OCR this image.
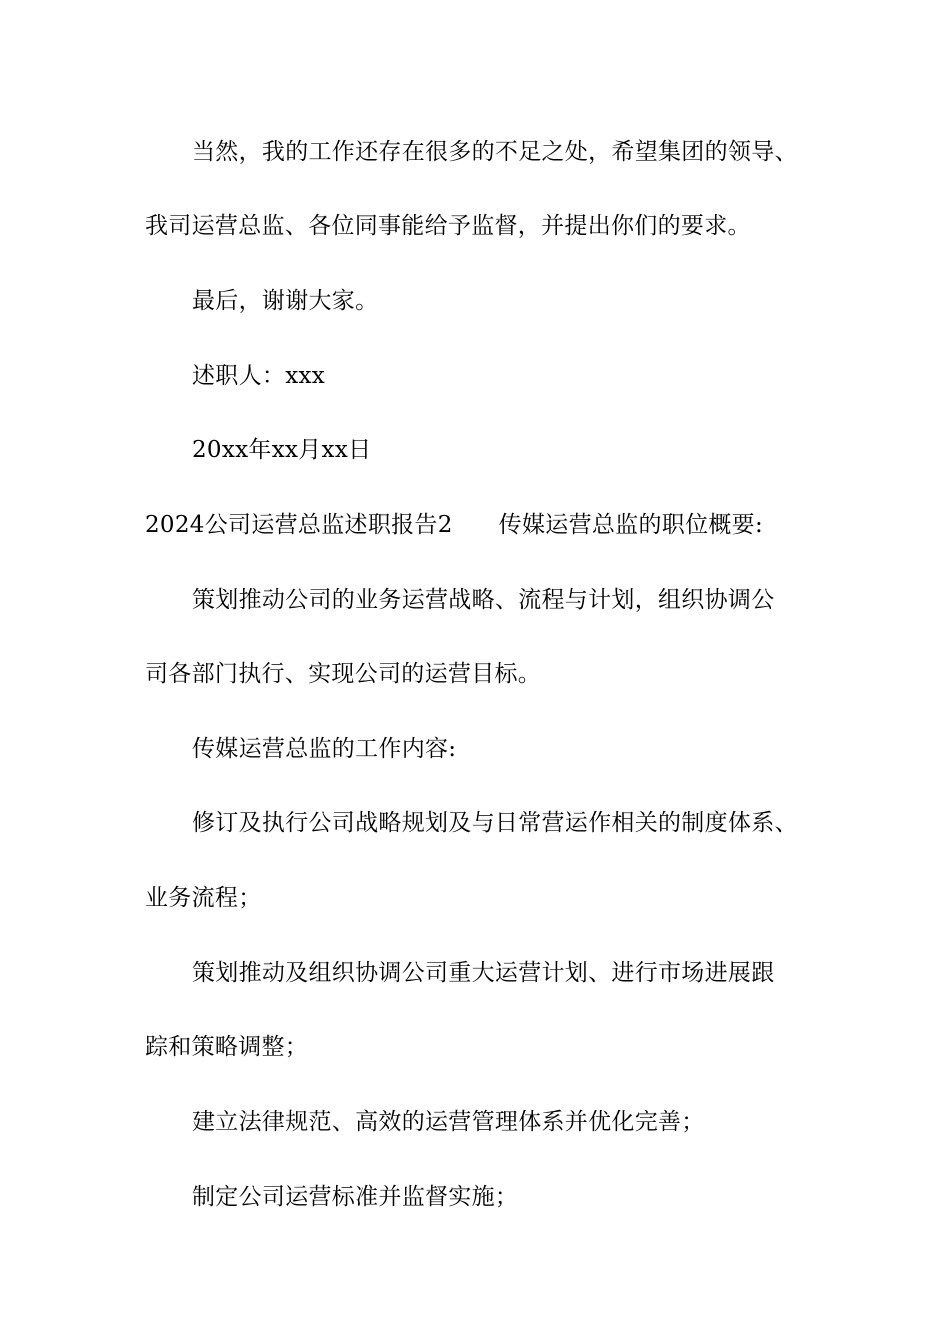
当然，我的工作还存在很多的不足之处，希望集团的领导、
我司运营总监、各位同事能给予监督，并提出你们的要求。
最后，谢谢大家。
述职人：xxx
20xx年xx月xx日
2024公司运营总监述职报告2 传媒运营总监的职位概要:
策划推动公司的业务运营战略、流程与计划，组织协调公
司各部门执行、实现公司的运营目标。
传媒运营总监的工作内容:
修订及执行公司战略规划及与日常营运作相关的制度体系、
业务流程；
策划推动及组织协调公司重大运营计划、进行市场进展跟
踪和策略调整；
建立法律规范、高效的运营管理体系并优化完善；
制定公司运营标准并监督实施；
